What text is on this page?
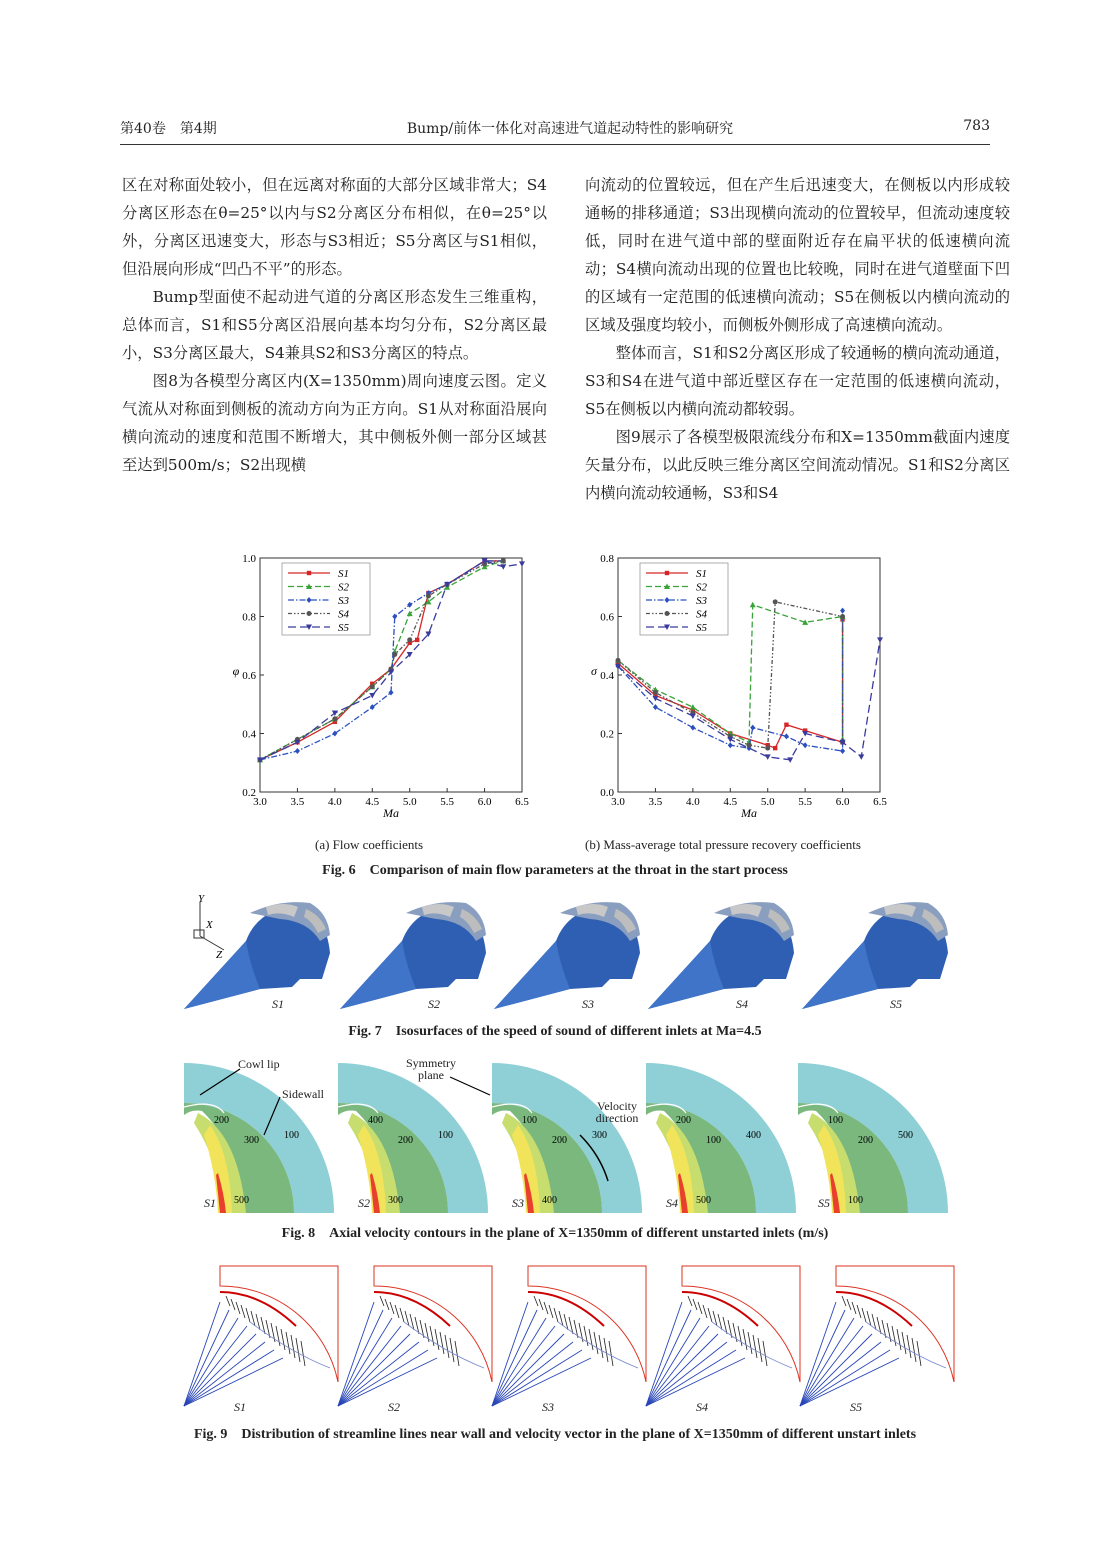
第40卷　第4期	Bump/前体一体化对高速进气道起动特性的影响研究	783

区在对称面处较小，但在远离对称面的大部分区域非常大；S4分离区形态在θ=25°以内与S2分离区分布相似，在θ=25°以外，分离区迅速变大，形态与S3相近；S5分离区与S1相似，但沿展向形成“凹凸不平”的形态。

Bump型面使不起动进气道的分离区形态发生三维重构，总体而言，S1和S5分离区沿展向基本均匀分布，S2分离区最小，S3分离区最大，S4兼具S2和S3分离区的特点。

图8为各模型分离区内(X=1350mm)周向速度云图。定义气流从对称面到侧板的流动方向为正方向。S1从对称面沿展向横向流动的速度和范围不断增大，其中侧板外侧一部分区域甚至达到500m/s；S2出现横

向流动的位置较远，但在产生后迅速变大，在侧板以内形成较通畅的排移通道；S3出现横向流动的位置较早，但流动速度较低，同时在进气道中部的壁面附近存在扁平状的低速横向流动；S4横向流动出现的位置也比较晚，同时在进气道壁面下凹的区域有一定范围的低速横向流动；S5在侧板以内横向流动的区域及强度均较小，而侧板外侧形成了高速横向流动。

整体而言，S1和S2分离区形成了较通畅的横向流动通道，S3和S4在进气道中部近壁区存在一定范围的低速横向流动，S5在侧板以内横向流动都较弱。

图9展示了各模型极限流线分布和X=1350mm截面内速度矢量分布，以此反映三维分离区空间流动情况。S1和S2分离区内横向流动较通畅，S3和S4

3.0 3.5 4.0 4.5 5.0 5.5 6.0 6.5
0.2
0.4
0.6
0.8
1.0
Ma
φ
S1
S2
S3
S4
S5
3.0 3.5 4.0 4.5 5.0 5.5 6.0 6.5
0.0
0.2
0.4
0.6
0.8
Ma
σ
S1
S2
S3
S4
S5
(a) Flow coefficients	(b) Mass-average total pressure recovery coefficients
Fig. 6　Comparison of main flow parameters at the throat in the start process
Y
X
Z
S1	S2	S3	S4	S5
Fig. 7　Isosurfaces of the speed of sound of different inlets at Ma=4.5
200
300	100
500
S1
400
200	100
300
S2
100
200	300
400
S3
200
100	400
500
S4
100
200	500
100
S5
Cowl lip
Sidewall
Symmetry plane
Velocity direction
Fig. 8　Axial velocity contours in the plane of X=1350mm of different unstarted inlets (m/s)
S1	S2	S3	S4	S5
Fig. 9　Distribution of streamline lines near wall and velocity vector in the plane of X=1350mm of different unstart inlets
